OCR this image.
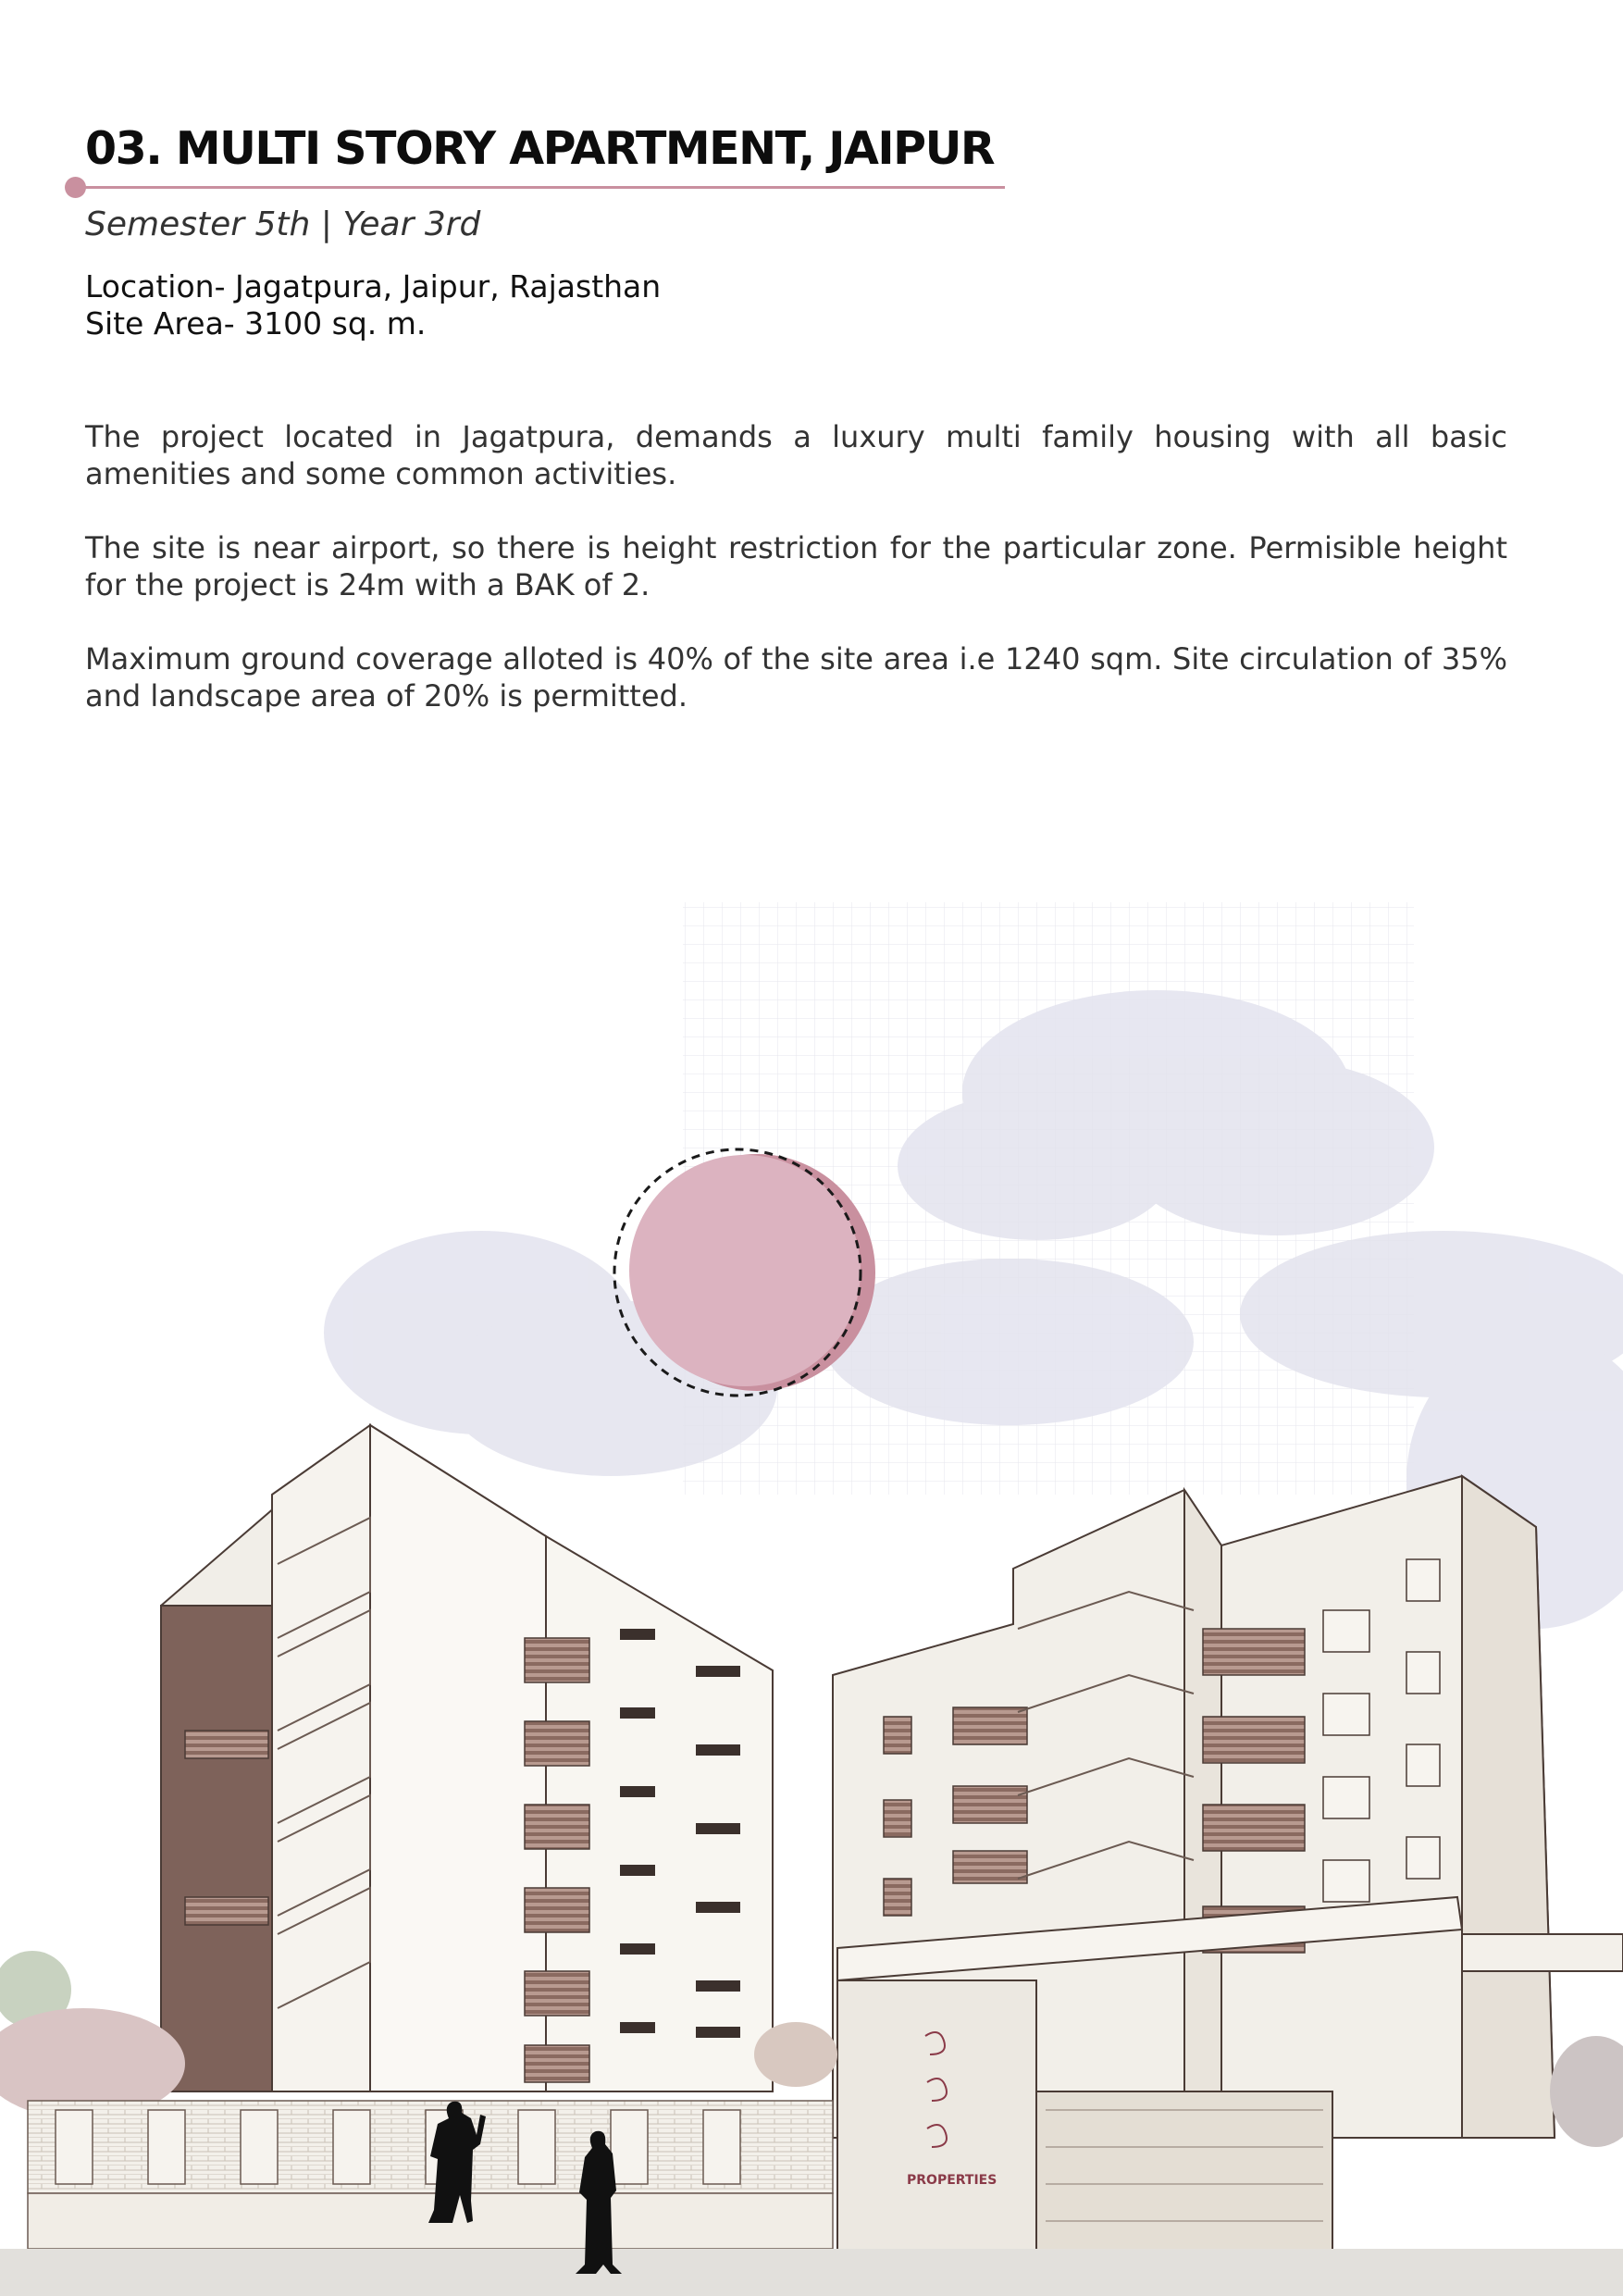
03. MULTI STORY APARTMENT, JAIPUR
Semester 5th | Year 3rd
Location- Jagatpura, Jaipur, Rajasthan
Site Area- 3100 sq. m.

The project located in Jagatpura, demands a luxury multi family housing with all basic amenities and some common activities.

The site is near airport, so there is height restriction for the particular zone. Permisible height for the project is 24m with a BAK of 2.

Maximum ground coverage alloted is 40% of the site area i.e 1240 sqm. Site circulation of 35% and landscape area of 20% is permitted.

PROPERTIES
